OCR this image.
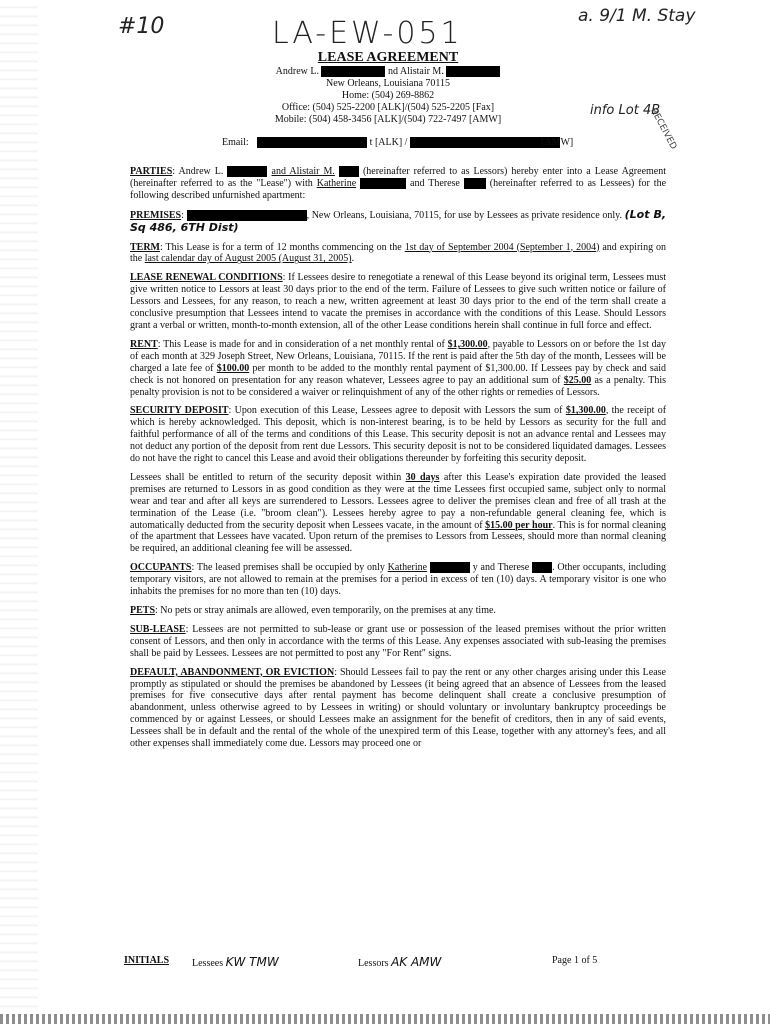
#10	LA-EW-051	a. 9/1 M. Stay
info Lot 4B
RECEIVED
LEASE AGREEMENT
Andrew L.	nd Alistair M.
New Orleans, Louisiana 70115
Home: (504) 269-8862
Office: (504) 525-2200 [ALK]/(504) 525-2205 [Fax]
Mobile: (504) 458-3456 [ALK]/(504) 722-7497 [AMW]
Email:	t [ALK] /	[AMW]

PARTIES: Andrew L.	and Alistair M.	(hereinafter referred to as Lessors) hereby enter into a Lease Agreement (hereinafter referred to as the "Lease") with Katherine	and Therese	(hereinafter referred to as Lessees) for the following described unfurnished apartment:

PREMISES:	, New Orleans, Louisiana, 70115, for use by Lessees as private residence only. (Lot B, Sq 486, 6TH Dist)

TERM: This Lease is for a term of 12 months commencing on the 1st day of September 2004 (September 1, 2004) and expiring on the last calendar day of August 2005 (August 31, 2005).

LEASE RENEWAL CONDITIONS: If Lessees desire to renegotiate a renewal of this Lease beyond its original term, Lessees must give written notice to Lessors at least 30 days prior to the end of the term. Failure of Lessees to give such written notice or failure of Lessors and Lessees, for any reason, to reach a new, written agreement at least 30 days prior to the end of the term shall create a conclusive presumption that Lessees intend to vacate the premises in accordance with the conditions of this Lease. Should Lessors grant a verbal or written, month-to-month extension, all of the other Lease conditions herein shall continue in full force and effect.

RENT: This Lease is made for and in consideration of a net monthly rental of $1,300.00, payable to Lessors on or before the 1st day of each month at 329 Joseph Street, New Orleans, Louisiana, 70115. If the rent is paid after the 5th day of the month, Lessees will be charged a late fee of $100.00 per month to be added to the monthly rental payment of $1,300.00. If Lessees pay by check and said check is not honored on presentation for any reason whatever, Lessees agree to pay an additional sum of $25.00 as a penalty. This penalty provision is not to be considered a waiver or relinquishment of any of the other rights or remedies of Lessors.

SECURITY DEPOSIT: Upon execution of this Lease, Lessees agree to deposit with Lessors the sum of $1,300.00, the receipt of which is hereby acknowledged. This deposit, which is non-interest bearing, is to be held by Lessors as security for the full and faithful performance of all of the terms and conditions of this Lease. This security deposit is not an advance rental and Lessees may not deduct any portion of the deposit from rent due Lessors. This security deposit is not to be considered liquidated damages. Lessees do not have the right to cancel this Lease and avoid their obligations thereunder by forfeiting this security deposit.

Lessees shall be entitled to return of the security deposit within 30 days after this Lease's expiration date provided the leased premises are returned to Lessors in as good condition as they were at the time Lessees first occupied same, subject only to normal wear and tear and after all keys are surrendered to Lessors. Lessees agree to deliver the premises clean and free of all trash at the termination of the Lease (i.e. "broom clean"). Lessees hereby agree to pay a non-refundable general cleaning fee, which is automatically deducted from the security deposit when Lessees vacate, in the amount of $15.00 per hour. This is for normal cleaning of the apartment that Lessees have vacated. Upon return of the premises to Lessors from Lessees, should more than normal cleaning be required, an additional cleaning fee will be assessed.

OCCUPANTS: The leased premises shall be occupied by only Katherine	y and Therese . Other occupants, including temporary visitors, are not allowed to remain at the premises for a period in excess of ten (10) days. A temporary visitor is one who inhabits the premises for no more than ten (10) days.

PETS: No pets or stray animals are allowed, even temporarily, on the premises at any time.

SUB-LEASE: Lessees are not permitted to sub-lease or grant use or possession of the leased premises without the prior written consent of Lessors, and then only in accordance with the terms of this Lease. Any expenses associated with sub-leasing the premises shall be paid by Lessees. Lessees are not permitted to post any "For Rent" signs.

DEFAULT, ABANDONMENT, OR EVICTION: Should Lessees fail to pay the rent or any other charges arising under this Lease promptly as stipulated or should the premises be abandoned by Lessees (it being agreed that an absence of Lessees from the leased premises for five consecutive days after rental payment has become delinquent shall create a conclusive presumption of abandonment, unless otherwise agreed to by Lessees in writing) or should voluntary or involuntary bankruptcy proceedings be commenced by or against Lessees, or should Lessees make an assignment for the benefit of creditors, then in any of said events, Lessees shall be in default and the rental of the whole of the unexpired term of this Lease, together with any attorney's fees, and all other expenses shall immediately come due. Lessors may proceed one or

INITIALS Lessees KW TMW	Lessors AK AMW	Page 1 of 5
